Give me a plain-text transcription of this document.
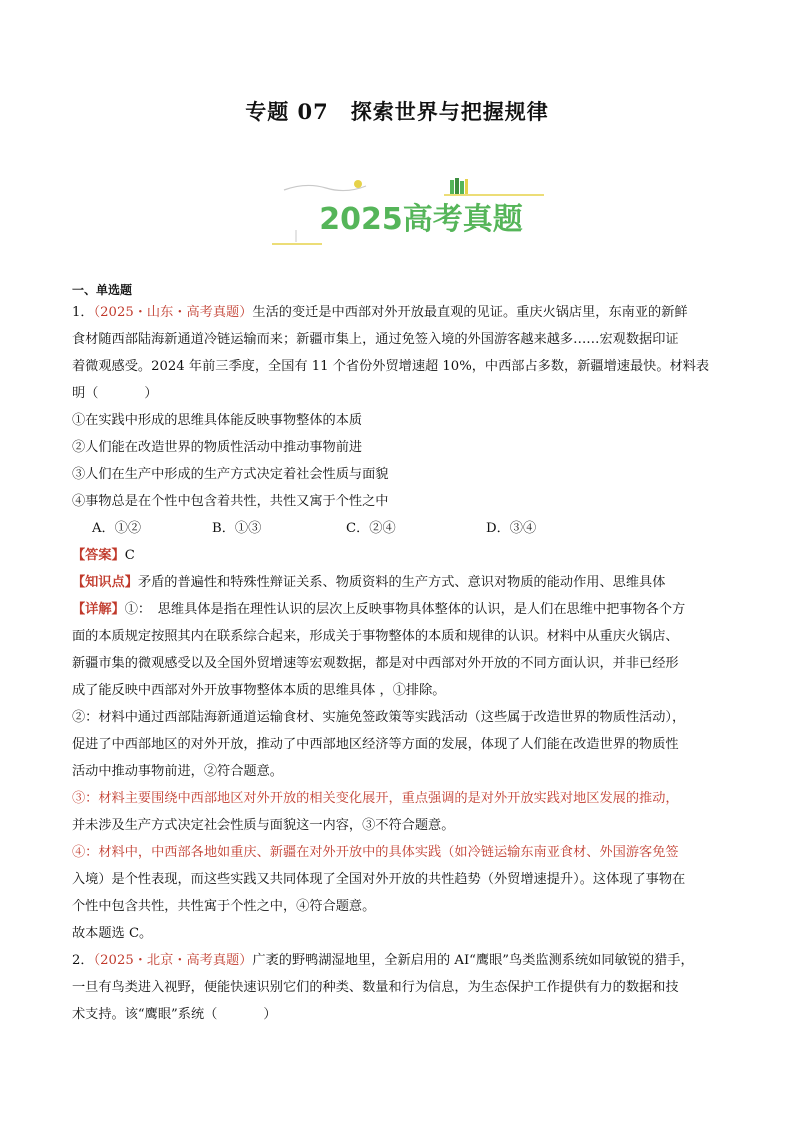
专题 07　探索世界与把握规律
2025高考真题
一、单选题

1．（2025・山东・高考真题）生活的变迁是中西部对外开放最直观的见证。重庆火锅店里，东南亚的新鲜
食材随西部陆海新通道冷链运输而来；新疆市集上，通过免签入境的外国游客越来越多……宏观数据印证
着微观感受。2024 年前三季度，全国有 11 个省份外贸增速超 10%，中西部占多数，新疆增速最快。材料表
明（	）

①在实践中形成的思维具体能反映事物整体的本质

②人们能在改造世界的物质性活动中推动事物前进

③人们在生产中形成的生产方式决定着社会性质与面貌

④事物总是在个性中包含着共性，共性又寓于个性之中

A．①②	B．①③	C．②④	D．③④

【答案】C

【知识点】矛盾的普遍性和特殊性辩证关系、物质资料的生产方式、意识对物质的能动作用、思维具体

【详解】①：　思维具体是指在理性认识的层次上反映事物具体整体的认识，是人们在思维中把事物各个方
面的本质规定按照其内在联系综合起来，形成关于事物整体的本质和规律的认识。材料中从重庆火锅店、
新疆市集的微观感受以及全国外贸增速等宏观数据，都是对中西部对外开放的不同方面认识，并非已经形
成了能反映中西部对外开放事物整体本质的思维具体 ，①排除。

②：材料中通过西部陆海新通道运输食材、实施免签政策等实践活动（这些属于改造世界的物质性活动），
促进了中西部地区的对外开放，推动了中西部地区经济等方面的发展，体现了人们能在改造世界的物质性
活动中推动事物前进，②符合题意。

③：材料主要围绕中西部地区对外开放的相关变化展开，重点强调的是对外开放实践对地区发展的推动，
并未涉及生产方式决定社会性质与面貌这一内容，③不符合题意。

④：材料中，中西部各地如重庆、新疆在对外开放中的具体实践（如冷链运输东南亚食材、外国游客免签
入境）是个性表现，而这些实践又共同体现了全国对外开放的共性趋势（外贸增速提升）。这体现了事物在
个性中包含共性，共性寓于个性之中，④符合题意。

故本题选 C。

2．（2025・北京・高考真题）广袤的野鸭湖湿地里，全新启用的 AI“鹰眼”鸟类监测系统如同敏锐的猎手，
一旦有鸟类进入视野，便能快速识别它们的种类、数量和行为信息，为生态保护工作提供有力的数据和技
术支持。该“鹰眼”系统（	）
